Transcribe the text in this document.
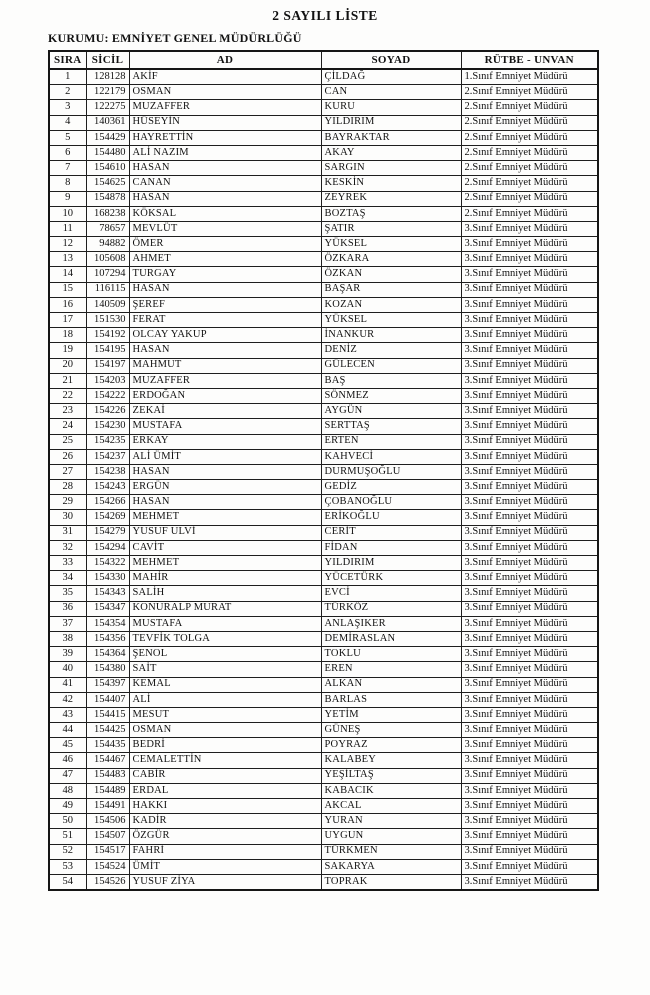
2 SAYILI LİSTE
KURUMU: EMNİYET GENEL MÜDÜRLÜĞÜ
SIRA	SİCİL	AD	SOYAD	RÜTBE - UNVAN
1	128128	AKİF	ÇİLDAĞ	1.Sınıf Emniyet Müdürü
2	122179	OSMAN	CAN	2.Sınıf Emniyet Müdürü
3	122275	MUZAFFER	KURU	2.Sınıf Emniyet Müdürü
4	140361	HÜSEYİN	YILDIRIM	2.Sınıf Emniyet Müdürü
5	154429	HAYRETTİN	BAYRAKTAR	2.Sınıf Emniyet Müdürü
6	154480	ALİ NAZIM	AKAY	2.Sınıf Emniyet Müdürü
7	154610	HASAN	SARGIN	2.Sınıf Emniyet Müdürü
8	154625	CANAN	KESKİN	2.Sınıf Emniyet Müdürü
9	154878	HASAN	ZEYREK	2.Sınıf Emniyet Müdürü
10	168238	KÖKSAL	BOZTAŞ	2.Sınıf Emniyet Müdürü
11	78657	MEVLÜT	ŞATIR	3.Sınıf Emniyet Müdürü
12	94882	ÖMER	YÜKSEL	3.Sınıf Emniyet Müdürü
13	105608	AHMET	ÖZKARA	3.Sınıf Emniyet Müdürü
14	107294	TURGAY	ÖZKAN	3.Sınıf Emniyet Müdürü
15	116115	HASAN	BAŞAR	3.Sınıf Emniyet Müdürü
16	140509	ŞEREF	KOZAN	3.Sınıf Emniyet Müdürü
17	151530	FERAT	YÜKSEL	3.Sınıf Emniyet Müdürü
18	154192	OLCAY YAKUP	İNANKUR	3.Sınıf Emniyet Müdürü
19	154195	HASAN	DENİZ	3.Sınıf Emniyet Müdürü
20	154197	MAHMUT	GÜLECEN	3.Sınıf Emniyet Müdürü
21	154203	MUZAFFER	BAŞ	3.Sınıf Emniyet Müdürü
22	154222	ERDOĞAN	SÖNMEZ	3.Sınıf Emniyet Müdürü
23	154226	ZEKAİ	AYGÜN	3.Sınıf Emniyet Müdürü
24	154230	MUSTAFA	SERTTAŞ	3.Sınıf Emniyet Müdürü
25	154235	ERKAY	ERTEN	3.Sınıf Emniyet Müdürü
26	154237	ALİ ÜMİT	KAHVECİ	3.Sınıf Emniyet Müdürü
27	154238	HASAN	DURMUŞOĞLU	3.Sınıf Emniyet Müdürü
28	154243	ERGÜN	GEDİZ	3.Sınıf Emniyet Müdürü
29	154266	HASAN	ÇOBANOĞLU	3.Sınıf Emniyet Müdürü
30	154269	MEHMET	ERİKOĞLU	3.Sınıf Emniyet Müdürü
31	154279	YUSUF ULVİ	CERİT	3.Sınıf Emniyet Müdürü
32	154294	CAVİT	FİDAN	3.Sınıf Emniyet Müdürü
33	154322	MEHMET	YILDIRIM	3.Sınıf Emniyet Müdürü
34	154330	MAHİR	YÜCETÜRK	3.Sınıf Emniyet Müdürü
35	154343	SALİH	EVCİ	3.Sınıf Emniyet Müdürü
36	154347	KONURALP MURAT	TÜRKÖZ	3.Sınıf Emniyet Müdürü
37	154354	MUSTAFA	ANLAŞIKER	3.Sınıf Emniyet Müdürü
38	154356	TEVFİK TOLGA	DEMİRASLAN	3.Sınıf Emniyet Müdürü
39	154364	ŞENOL	TOKLU	3.Sınıf Emniyet Müdürü
40	154380	SAİT	EREN	3.Sınıf Emniyet Müdürü
41	154397	KEMAL	ALKAN	3.Sınıf Emniyet Müdürü
42	154407	ALİ	BARLAS	3.Sınıf Emniyet Müdürü
43	154415	MESUT	YETİM	3.Sınıf Emniyet Müdürü
44	154425	OSMAN	GÜNEŞ	3.Sınıf Emniyet Müdürü
45	154435	BEDRİ	POYRAZ	3.Sınıf Emniyet Müdürü
46	154467	CEMALETTİN	KALABEY	3.Sınıf Emniyet Müdürü
47	154483	CABİR	YEŞİLTAŞ	3.Sınıf Emniyet Müdürü
48	154489	ERDAL	KABACIK	3.Sınıf Emniyet Müdürü
49	154491	HAKKI	AKCAL	3.Sınıf Emniyet Müdürü
50	154506	KADİR	YURAN	3.Sınıf Emniyet Müdürü
51	154507	ÖZGÜR	UYGUN	3.Sınıf Emniyet Müdürü
52	154517	FAHRİ	TÜRKMEN	3.Sınıf Emniyet Müdürü
53	154524	ÜMİT	SAKARYA	3.Sınıf Emniyet Müdürü
54	154526	YUSUF ZİYA	TOPRAK	3.Sınıf Emniyet Müdürü
